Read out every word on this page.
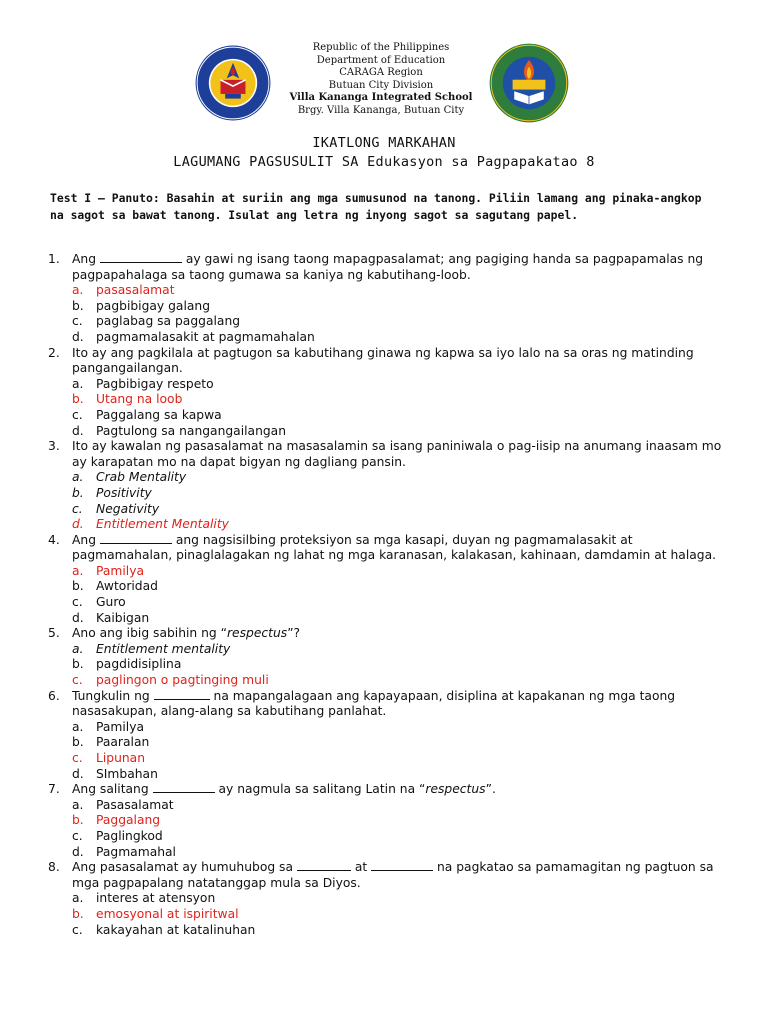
Republic of the Philippines
Department of Education
CARAGA Region
Butuan City Division
Villa Kananga Integrated School
Brgy. Villa Kananga, Butuan City
IKATLONG MARKAHAN
LAGUMANG PAGSUSULIT SA Edukasyon sa Pagpapakatao 8
Test I – Panuto: Basahin at suriin ang mga sumusunod na tanong. Piliin lamang ang pinaka-angkop na sagot sa bawat tanong. Isulat ang letra ng inyong sagot sa sagutang papel.
1. Ang	ay gawi ng isang taong mapagpasalamat; ang pagiging handa sa pagpapamalas ng pagpapahalaga sa taong gumawa sa kaniya ng kabutihang-loob.
a.	pasasalamat
b. pagbibigay galang
c.	paglabag sa paggalang
d. pagmamalasakit at pagmamahalan
2. Ito ay ang pagkilala at pagtugon sa kabutihang ginawa ng kapwa sa iyo lalo na sa oras ng matinding pangangailangan.
a.	Pagbibigay respeto
b. Utang na loob
c.	Paggalang sa kapwa
d. Pagtulong sa nangangailangan
3. Ito ay kawalan ng pasasalamat na masasalamin sa isang paniniwala o pag-iisip na anumang inaasam mo ay karapatan mo na dapat bigyan ng dagliang pansin.
a.	Crab Mentality
b. Positivity
c.	Negativity
d. Entitlement Mentality
4. Ang	ang nagsisilbing proteksiyon sa mga kasapi, duyan ng pagmamalasakit at pagmamahalan, pinaglalagakan ng lahat ng mga karanasan, kalakasan, kahinaan, damdamin at halaga.
a.	Pamilya
b. Awtoridad
c.	Guro
d. Kaibigan
5. Ano ang ibig sabihin ng “respectus”?
a.	Entitlement mentality
b. pagdidisiplina
c.	paglingon o pagtinging muli
6. Tungkulin ng	na mapangalagaan ang kapayapaan, disiplina at kapakanan ng mga taong nasasakupan, alang-alang sa kabutihang panlahat.
a.	Pamilya
b. Paaralan
c.	Lipunan
d. SImbahan
7. Ang salitang	ay nagmula sa salitang Latin na “respectus”.
a.	Pasasalamat
b. Paggalang
c.	Paglingkod
d. Pagmamahal
8. Ang pasasalamat ay humuhubog sa	at	na pagkatao sa pamamagitan ng pagtuon sa mga pagpapalang natatanggap mula sa Diyos.
a.	interes at atensyon
b. emosyonal at ispiritwal
c.	kakayahan at katalinuhan
